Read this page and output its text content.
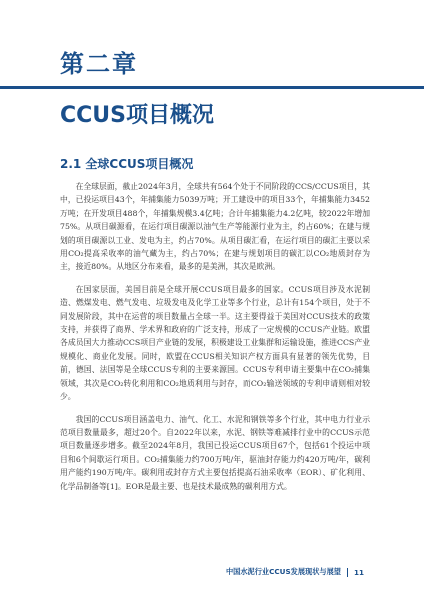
第二章
CCUS项目概况
2.1 全球CCUS项目概况

在全球层面，截止2024年3月，全球共有564个处于不同阶段的CCS/CCUS项目，其中，已投运项目43个，年捕集能力5039万吨；开工建设中的项目33个，年捕集能力3452万吨；在开发项目488个，年捕集规模3.4亿吨；合计年捕集能力4.2亿吨，较2022年增加75%。从项目碳源看，在运行项目碳源以油气生产等能源行业为主，约占60%；在建与规划的项目碳源以工业、发电为主，约占70%。从项目碳汇看，在运行项目的碳汇主要以采用CO₂提高采收率的油气藏为主，约占70%；在建与规划项目的碳汇以CO₂地质封存为主，接近80%。从地区分布来看，最多的是美洲，其次是欧洲。

在国家层面，美国目前是全球开展CCUS项目最多的国家。CCUS项目涉及水泥制造、燃煤发电、燃气发电、垃圾发电及化学工业等多个行业，总计有154个项目，处于不同发展阶段，其中在运营的项目数量占全球一半。这主要得益于美国对CCUS技术的政策支持，并获得了商界、学术界和政府的广泛支持，形成了一定规模的CCUS产业链。欧盟各成员国大力推动CCS项目产业链的发展，积极建设工业集群和运输设施，推进CCS产业规模化、商业化发展。同时，欧盟在CCUS相关知识产权方面具有显著的领先优势，目前，德国、法国等是全球CCUS专利的主要来源国。CCUS专利申请主要集中在CO₂捕集领域，其次是CO₂转化利用和CO₂地质利用与封存，而CO₂输送领域的专利申请则相对较少。

我国的CCUS项目涵盖电力、油气、化工、水泥和钢铁等多个行业，其中电力行业示范项目数量最多，超过20个。自2022年以来，水泥、钢铁等难减排行业中的CCUS示范项目数量逐步增多。截至2024年8月，我国已投运CCUS项目67个，包括61个投运中项目和6个间歇运行项目。CO₂捕集能力约700万吨/年，驱油封存能力约420万吨/年，碳利用产能约190万吨/年。碳利用或封存方式主要包括提高石油采收率（EOR）、矿化利用、化学品制备等[1]。EOR是最主要、也是技术最成熟的碳利用方式。

中国水泥行业CCUS发展现状与展望 11
